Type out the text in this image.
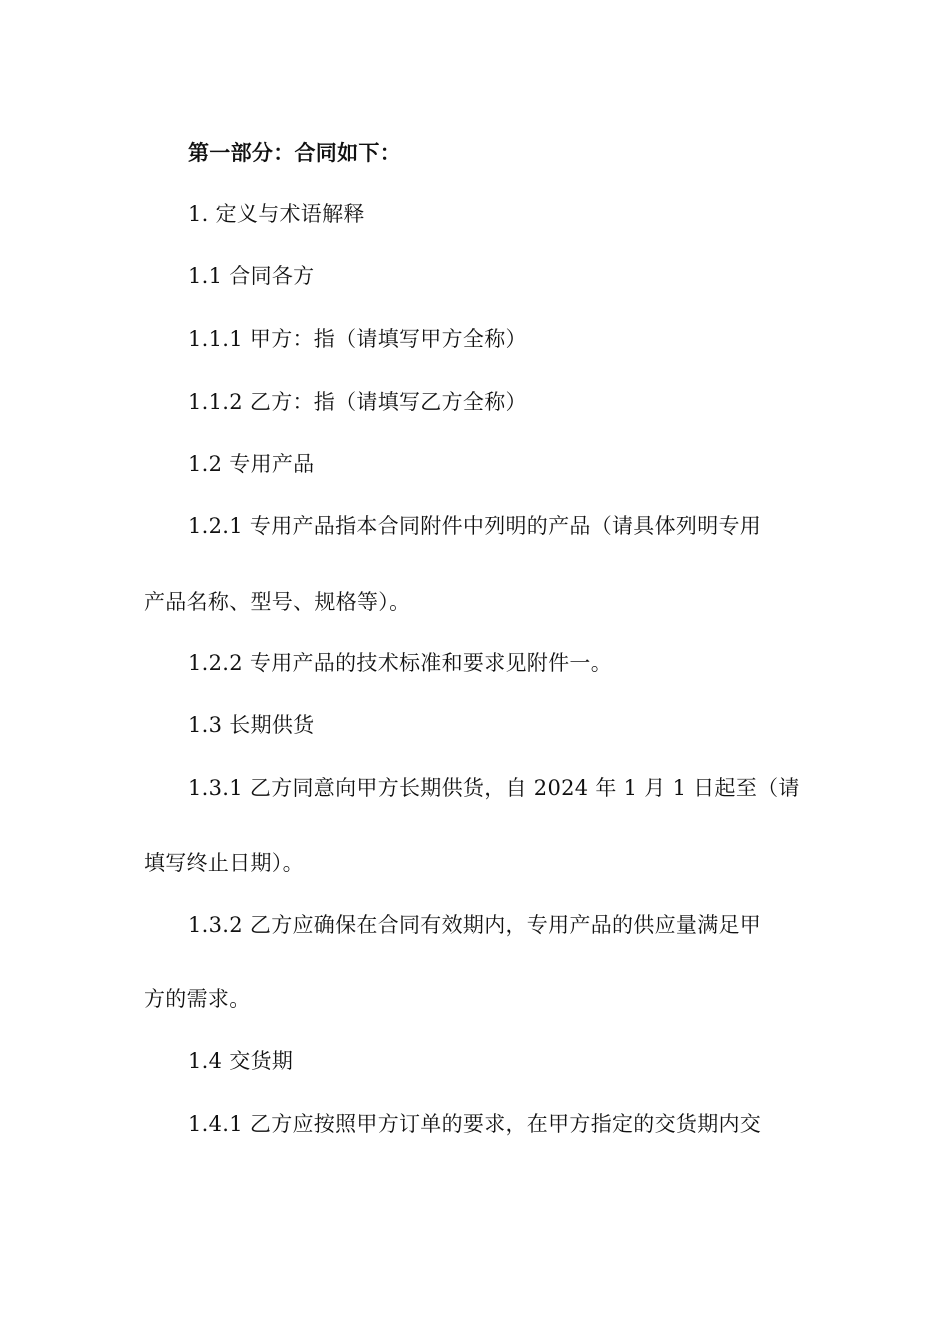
第一部分：合同如下：
1. 定义与术语解释
1.1 合同各方
1.1.1 甲方：指（请填写甲方全称）
1.1.2 乙方：指（请填写乙方全称）
1.2 专用产品
1.2.1 专用产品指本合同附件中列明的产品（请具体列明专用
产品名称、型号、规格等）。
1.2.2 专用产品的技术标准和要求见附件一。
1.3 长期供货
1.3.1 乙方同意向甲方长期供货，自 2024 年 1 月 1 日起至（请
填写终止日期）。
1.3.2 乙方应确保在合同有效期内，专用产品的供应量满足甲
方的需求。
1.4 交货期
1.4.1 乙方应按照甲方订单的要求，在甲方指定的交货期内交
